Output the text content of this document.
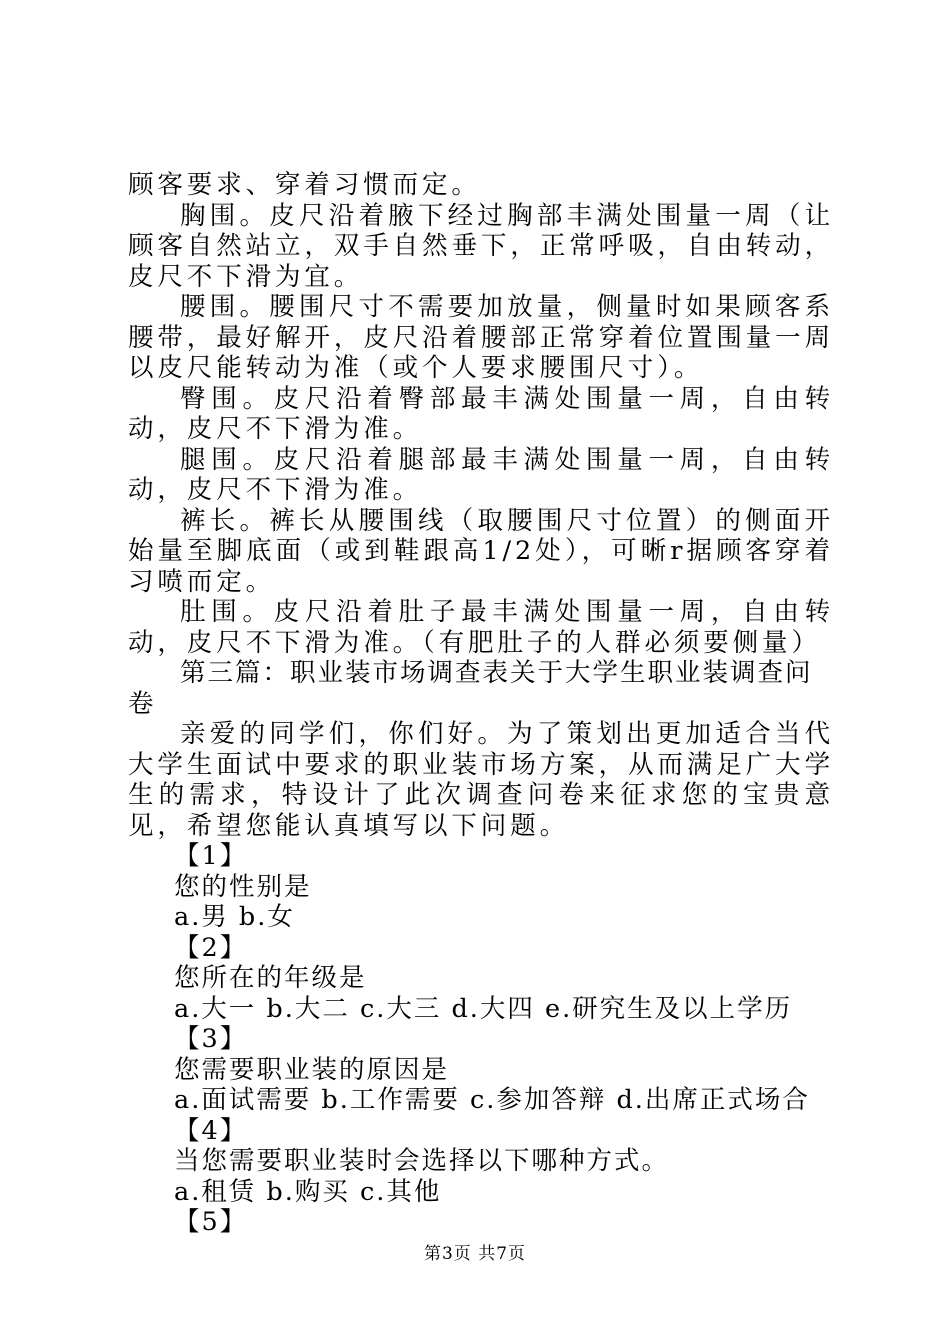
顾客要求、穿着习惯而定。

胸围。皮尺沿着腋下经过胸部丰满处围量一周（让顾客自然站立，双手自然垂下，正常呼吸，自由转动，皮尺不下滑为宜。

腰围。腰围尺寸不需要加放量，侧量时如果顾客系腰带，最好解开，皮尺沿着腰部正常穿着位置围量一周以皮尺能转动为准（或个人要求腰围尺寸）。

臀围。皮尺沿着臀部最丰满处围量一周，自由转动，皮尺不下滑为准。

腿围。皮尺沿着腿部最丰满处围量一周，自由转动，皮尺不下滑为准。

裤长。裤长从腰围线（取腰围尺寸位置）的侧面开始量至脚底面（或到鞋跟高1/2处），可晰r据顾客穿着习喷而定。

肚围。皮尺沿着肚子最丰满处围量一周，自由转动，皮尺不下滑为准。（有肥肚子的人群必须要侧量）

第三篇：职业装市场调查表关于大学生职业装调查问卷

亲爱的同学们，你们好。为了策划出更加适合当代大学生面试中要求的职业装市场方案，从而满足广大学生的需求，特设计了此次调查问卷来征求您的宝贵意见，希望您能认真填写以下问题。

【1】

您的性别是

a.男 b.女

【2】

您所在的年级是

a.大一 b.大二 c.大三 d.大四 e.研究生及以上学历

【3】

您需要职业装的原因是

a.面试需要 b.工作需要 c.参加答辩 d.出席正式场合

【4】

当您需要职业装时会选择以下哪种方式。

a.租赁 b.购买 c.其他

【5】

第3页 共7页
